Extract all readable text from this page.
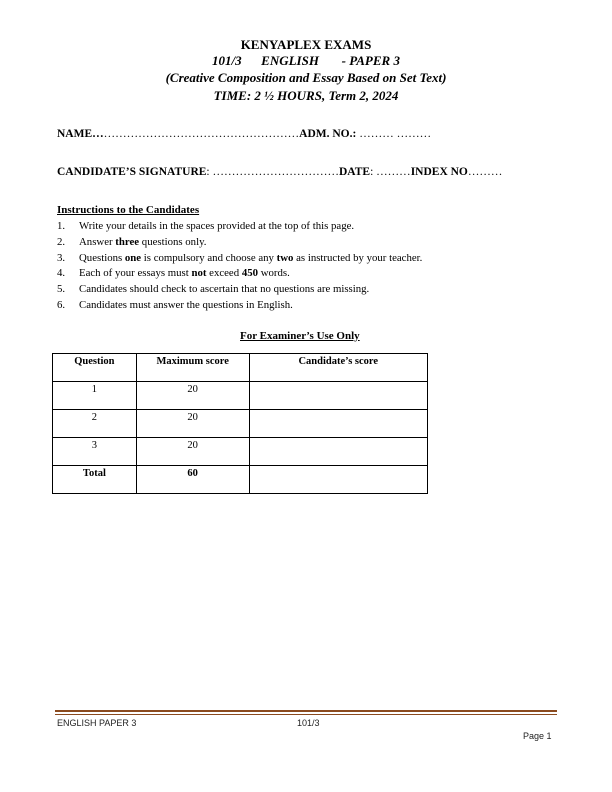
KENYAPLEX EXAMS
101/3      ENGLISH       - PAPER 3
(Creative Composition and Essay Based on Set Text)
TIME: 2 ½ HOURS, Term 2, 2024
NAME………………………………………………ADM. NO.: ……… ………
CANDIDATE’S SIGNATURE: ……………………………DATE: ………INDEX NO………
Instructions to the Candidates
1. Write your details in the spaces provided at the top of this page.
2. Answer three questions only.
3. Questions one is compulsory and choose any two as instructed by your teacher.
4. Each of your essays must not exceed 450 words.
5. Candidates should check to ascertain that no questions are missing.
6. Candidates must answer the questions in English.
For Examiner’s Use Only
Question	Maximum score	Candidate’s score
1	20	
2	20	
3	20	
Total	60	
ENGLISH PAPER 3	101/3
Page 1
